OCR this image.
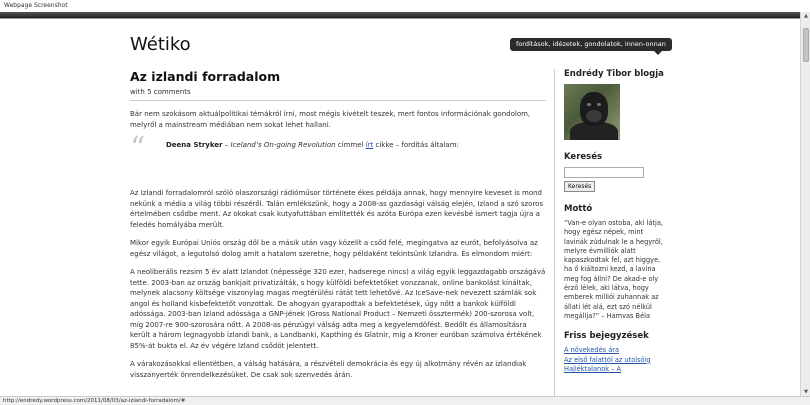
Webpage Screenshot
Wétiko	fordítások, idézetek, gondolatok, innen-onnan
Az izlandi forradalom
with 5 comments

Bár nem szokásom aktuálpolitikai témákról írni, most mégis kivételt teszek, mert fontos információnak gondolom, melyről a mainstream médiában nem sokat lehet hallani.

“	Deena Stryker – Iceland’s On-going Revolution címmel írt cikke – fordítás általam:

Az Izlandi forradalomról szóló olaszországi rádióműsor története ékes példája annak, hogy mennyire keveset is mond nekünk a média a világ többi részéről. Talán emlékszünk, hogy a 2008-as gazdasági válság elején, Izland a szó szoros értelmében csődbe ment. Az okokat csak kutyafuttában említették és azóta Európa ezen kevésbé ismert tagja újra a feledés homályába merült.

Mikor egyik Európai Uniós ország dől be a másik után vagy közelít a csőd felé, megingatva az eurót, befolyásolva az egész világot, a legutolsó dolog amit a hatalom szeretne, hogy példaként tekintsünk Izlandra. És elmondom miért:

A neoliberális rezsim 5 év alatt Izlandot (népessége 320 ezer, hadserege nincs) a világ egyik leggazdagabb országává tette. 2003-ban az ország bankjait privatizálták, s hogy külföldi befektetőket vonzzanak, online bankolást kínáltak, melynek alacsony költsége viszonylag magas megtérülési rátát tett lehetővé. Az IceSave-nek nevezett számlák sok angol és holland kisbefektetőt vonzottak. De ahogyan gyarapodtak a befektetések, úgy nőtt a bankok külföldi adóssága. 2003-ban Izland adóssága a GNP-jének (Gross National Product – Nemzeti össztermék) 200-szorosa volt, míg 2007-re 900-szorosára nőtt. A 2008-as pénzügyi válság adta meg a kegyelemdöfést. Bedőlt és államosításra került a három legnagyobb izlandi bank, a Landbanki, Kapthing és Glatnir, míg a Kroner euróban számolva értékének 85%-át bukta el. Az év végére Izland csődöt jelentett.

A várakozásokkal ellentétben, a válság hatására, a részvételi demokrácia és egy új alkotmány révén az izlandiak visszanyerték önrendelkezésüket. De csak sok szenvedés árán.

Endrédy Tibor blogja
Keresés
Keresés
Mottó

“Van-e olyan ostoba, aki látja, hogy egész népek, mint lavinák zúdulnak le a hegyről, melyre évmilliók alatt kapaszkodtak fel, azt higgye, ha ő kiáltozni kezd, a lavina meg fog állni? De akad-e oly érző lélek, aki látva, hogy emberek milliói zuhannak az állati lét alá, ezt szó nélkül megállja?” – Hamvas Béla

Friss bejegyzések
A növekedés ára
Az első falattól az utolsóig
Hajléktalanok – A
▲
▼
http://endredy.wordpress.com/2011/08/03/az-izlandi-forradalom/#
